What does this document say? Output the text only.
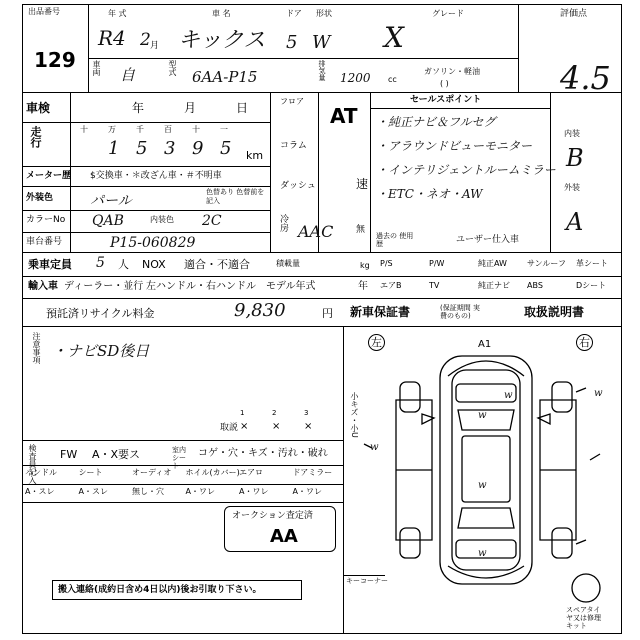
出品番号
129
年 式
R4 2 月
車 名
キックス
ドア
5
形状
W
グレード
X
評価点
4.5
車両 自	型式 6AA-P15	排気量 1200 cc
ガソリン・軽油
( )
車検	年	月	日
走行	十	万	千	百	十	一
1 5 3 9 5 km
メーター歴 $交換車・＊改ざん車・＃不明車
外装色	パール
色替あり 色替前を記入
カラーNo QAB	内装色 2C
車台番号	P15-060829
フロア
AT
コラム
ダッシュ	速
冷房 AAC	無
セールスポイント
・純正ナビ＆フルセグ
・アラウンドビューモニター
・インテリジェントルームミラー
・ETC・ネオ・AW
内装
B
外装
A
過去の 使用歴	ユーザー仕入車
乗車定員 5 人 NOX 適合・不適合	積載量	kg P/S	P/W	純正AW	サンルーフ 革シート
エアB	TV	純正ナビ ABS	Dシート
輸入車 ディーラー・並行 左ハンドル・右ハンドル モデル年式	年
預託済リサイクル料金	9,830	円 新車保証書	(保証期間 実費のもの)	取扱説明書
注意事項 ・ナビSD後日
取説
1
×
2
×
3
×
検査員記入 FW A・X要ス	室内シート
コゲ・穴・キズ・汚れ・破れ
ハンドル
A・スレ
シート
A・スレ
オーディオ
無し・穴
ホイル(カバー)
A・ワレ
エアロ
A・ワレ
ドアミラー
A・ワレ
オークション査定済
AA
搬入連絡(成約日含め4日以内)後お引取り下さい。
キーコーナー
小キズ・小U
スペアタイヤ又は修理キット
A1
左	右
w
w
w
w	w
w
